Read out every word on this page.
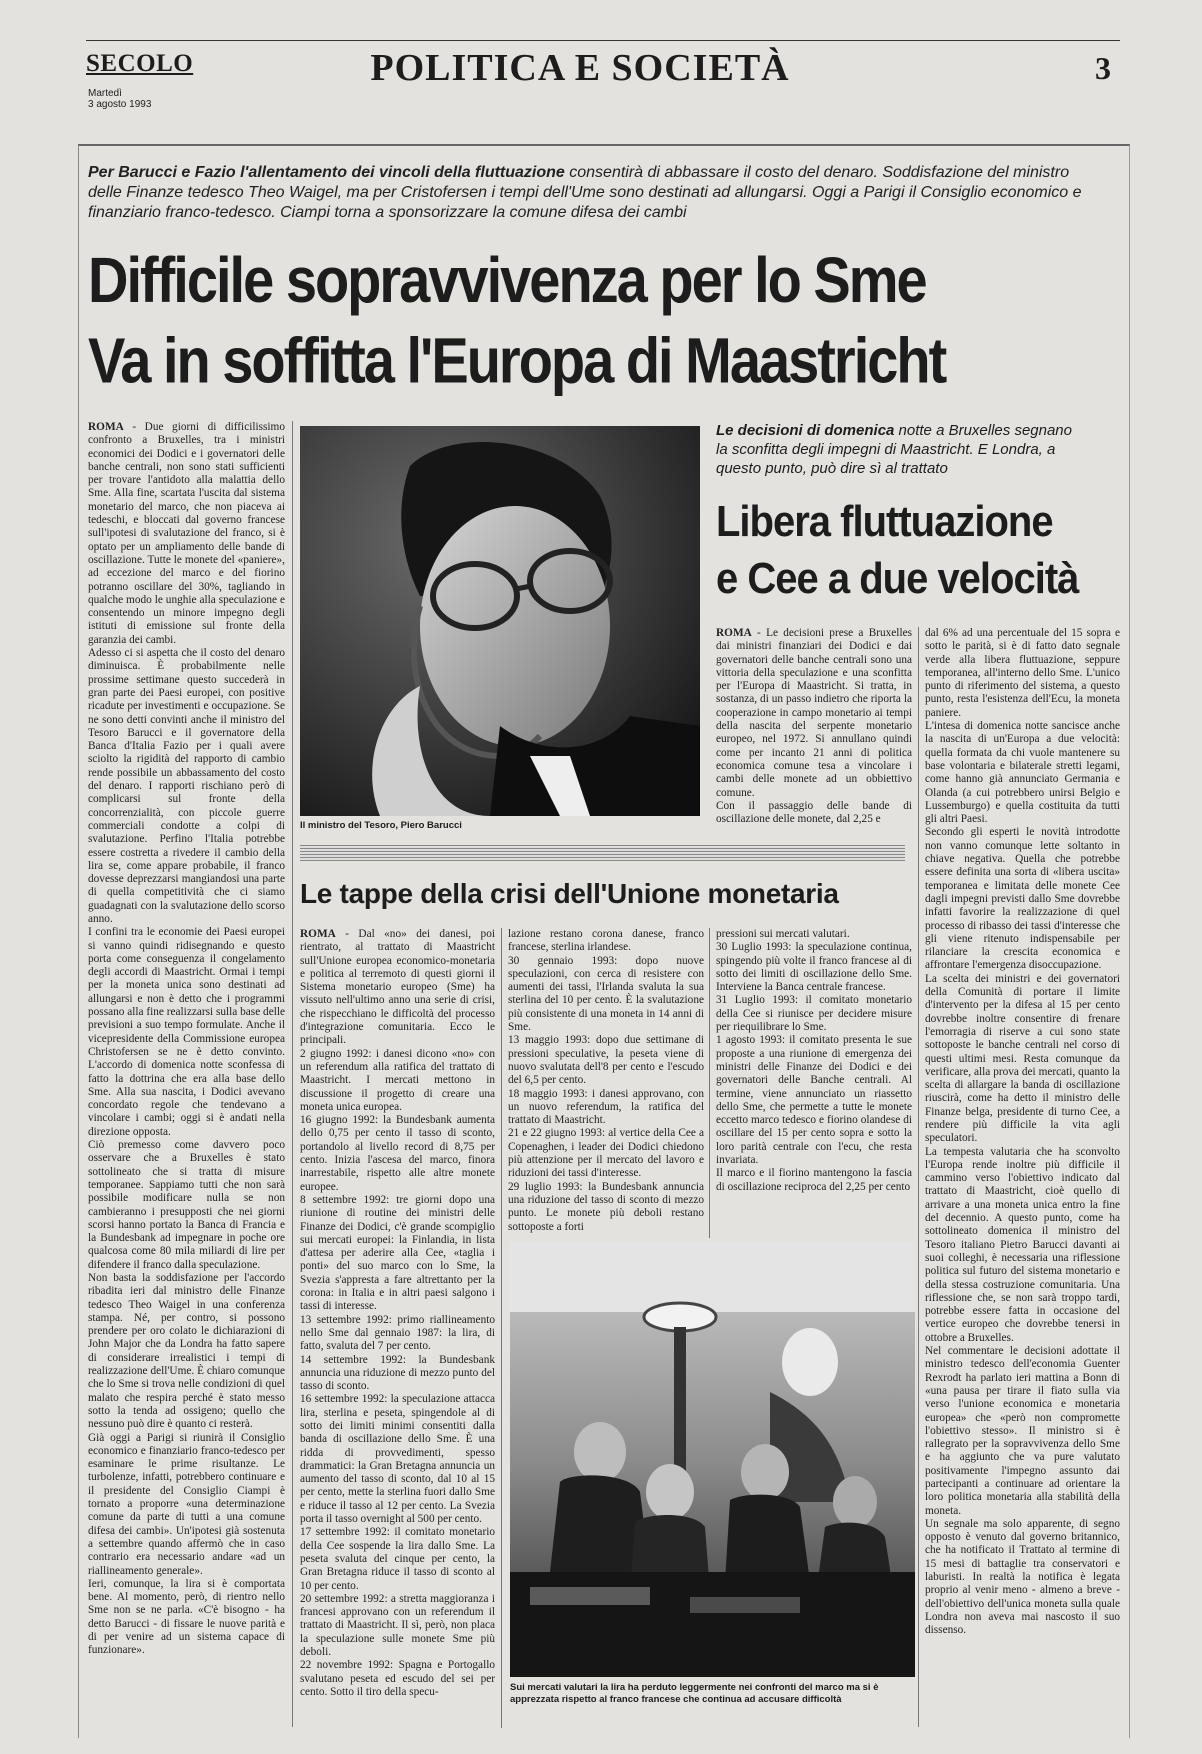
SECOLO
Martedì
3 agosto 1993
POLITICA E SOCIETÀ	3
Per Barucci e Fazio l'allentamento dei vincoli della fluttuazione consentirà di abbassare il costo del denaro. Soddisfazione del ministro delle Finanze tedesco Theo Waigel, ma per Cristofersen i tempi dell'Ume sono destinati ad allungarsi. Oggi a Parigi il Consiglio economico e finanziario franco-tedesco. Ciampi torna a sponsorizzare la comune difesa dei cambi
Difficile sopravvivenza per lo Sme
Va in soffitta l'Europa di Maastricht
ROMA - Due giorni di difficilissimo confronto a Bruxelles, tra i ministri economici dei Dodici e i governatori delle banche centrali, non sono stati sufficienti per trovare l'antidoto alla malattia dello Sme. Alla fine, scartata l'uscita dal sistema monetario del marco, che non piaceva ai tedeschi, e bloccati dal governo francese sull'ipotesi di svalutazione del franco, si è optato per un ampliamento delle bande di oscillazione. Tutte le monete del «paniere», ad eccezione del marco e del fiorino potranno oscillare del 30%, tagliando in qualche modo le unghie alla speculazione e consentendo un minore impegno degli istituti di emissione sul fronte della garanzia dei cambi.
Adesso ci si aspetta che il costo del denaro diminuisca. È probabilmente nelle prossime settimane questo succederà in gran parte dei Paesi europei, con positive ricadute per investimenti e occupazione. Se ne sono detti convinti anche il ministro del Tesoro Barucci e il governatore della Banca d'Italia Fazio per i quali avere sciolto la rigidità del rapporto di cambio rende possibile un abbassamento del costo del denaro. I rapporti rischiano però di complicarsi sul fronte della concorrenzialità, con piccole guerre commerciali condotte a colpi di svalutazione. Perfino l'Italia potrebbe essere costretta a rivedere il cambio della lira se, come appare probabile, il franco dovesse deprezzarsi mangiandosi una parte di quella competitività che ci siamo guadagnati con la svalutazione dello scorso anno.
I confini tra le economie dei Paesi europei si vanno quindi ridisegnando e questo porta come conseguenza il congelamento degli accordi di Maastricht. Ormai i tempi per la moneta unica sono destinati ad allungarsi e non è detto che i programmi possano alla fine realizzarsi sulla base delle previsioni a suo tempo formulate. Anche il vicepresidente della Commissione europea Christofersen se ne è detto convinto. L'accordo di domenica notte sconfessa di fatto la dottrina che era alla base dello Sme. Alla sua nascita, i Dodici avevano concordato regole che tendevano a vincolare i cambi; oggi si è andati nella direzione opposta.
Ciò premesso come davvero poco osservare che a Bruxelles è stato sottolineato che si tratta di misure temporanee. Sappiamo tutti che non sarà possibile modificare nulla se non cambieranno i presupposti che nei giorni scorsi hanno portato la Banca di Francia e la Bundesbank ad impegnare in poche ore qualcosa come 80 mila miliardi di lire per difendere il franco dalla speculazione.
Non basta la soddisfazione per l'accordo ribadita ieri dal ministro delle Finanze tedesco Theo Waigel in una conferenza stampa. Né, per contro, si possono prendere per oro colato le dichiarazioni di John Major che da Londra ha fatto sapere di considerare irrealistici i tempi di realizzazione dell'Ume. È chiaro comunque che lo Sme si trova nelle condizioni di quel malato che respira perché è stato messo sotto la tenda ad ossigeno; quello che nessuno può dire è quanto ci resterà.
Già oggi a Parigi si riunirà il Consiglio economico e finanziario franco-tedesco per esaminare le prime risultanze. Le turbolenze, infatti, potrebbero continuare e il presidente del Consiglio Ciampi è tornato a proporre «una determinazione comune da parte di tutti a una comune difesa dei cambi». Un'ipotesi già sostenuta a settembre quando affermò che in caso contrario era necessario andare «ad un riallineamento generale».
Ieri, comunque, la lira si è comportata bene. Al momento, però, di rientro nello Sme non se ne parla. «C'è bisogno - ha detto Barucci - di fissare le nuove parità e di per venire ad un sistema capace di funzionare».
Il ministro del Tesoro, Piero Barucci
Le decisioni di domenica notte a Bruxelles segnano la sconfitta degli impegni di Maastricht. E Londra, a questo punto, può dire sì al trattato
Libera fluttuazione
e Cee a due velocità
ROMA - Le decisioni prese a Bruxelles dai ministri finanziari dei Dodici e dai governatori delle banche centrali sono una vittoria della speculazione e una sconfitta per l'Europa di Maastricht. Si tratta, in sostanza, di un passo indietro che riporta la cooperazione in campo monetario ai tempi della nascita del serpente monetario europeo, nel 1972. Si annullano quindi come per incanto 21 anni di politica economica comune tesa a vincolare i cambi delle monete ad un obbiettivo comune.
Con il passaggio delle bande di oscillazione delle monete, dal 2,25 e
dal 6% ad una percentuale del 15 sopra e sotto le parità, si è di fatto dato segnale verde alla libera fluttuazione, seppure temporanea, all'interno dello Sme. L'unico punto di riferimento del sistema, a questo punto, resta l'esistenza dell'Ecu, la moneta paniere.
L'intesa di domenica notte sancisce anche la nascita di un'Europa a due velocità: quella formata da chi vuole mantenere su base volontaria e bilaterale stretti legami, come hanno già annunciato Germania e Olanda (a cui potrebbero unirsi Belgio e Lussemburgo) e quella costituita da tutti gli altri Paesi.
Secondo gli esperti le novità introdotte non vanno comunque lette soltanto in chiave negativa. Quella che potrebbe essere definita una sorta di «libera uscita» temporanea e limitata delle monete Cee dagli impegni previsti dallo Sme dovrebbe infatti favorire la realizzazione di quel processo di ribasso dei tassi d'interesse che gli viene ritenuto indispensabile per rilanciare la crescita economica e affrontare l'emergenza disoccupazione.
La scelta dei ministri e dei governatori della Comunità di portare il limite d'intervento per la difesa al 15 per cento dovrebbe inoltre consentire di frenare l'emorragia di riserve a cui sono state sottoposte le banche centrali nel corso di questi ultimi mesi. Resta comunque da verificare, alla prova dei mercati, quanto la scelta di allargare la banda di oscillazione riuscirà, come ha detto il ministro delle Finanze belga, presidente di turno Cee, a rendere più difficile la vita agli speculatori.
La tempesta valutaria che ha sconvolto l'Europa rende inoltre più difficile il cammino verso l'obiettivo indicato dal trattato di Maastricht, cioè quello di arrivare a una moneta unica entro la fine del decennio. A questo punto, come ha sottolineato domenica il ministro del Tesoro italiano Pietro Barucci davanti ai suoi colleghi, è necessaria una riflessione politica sul futuro del sistema monetario e della stessa costruzione comunitaria. Una riflessione che, se non sarà troppo tardi, potrebbe essere fatta in occasione del vertice europeo che dovrebbe tenersi in ottobre a Bruxelles.
Nel commentare le decisioni adottate il ministro tedesco dell'economia Guenter Rexrodt ha parlato ieri mattina a Bonn di «una pausa per tirare il fiato sulla via verso l'unione economica e monetaria europea» che «però non compromette l'obiettivo stesso». Il ministro si è rallegrato per la sopravvivenza dello Sme e ha aggiunto che va pure valutato positivamente l'impegno assunto dai partecipanti a continuare ad orientare la loro politica monetaria alla stabilità della moneta.
Un segnale ma solo apparente, di segno opposto è venuto dal governo britannico, che ha notificato il Trattato al termine di 15 mesi di battaglie tra conservatori e laburisti. In realtà la notifica è legata proprio al venir meno - almeno a breve - dell'obiettivo dell'unica moneta sulla quale Londra non aveva mai nascosto il suo dissenso.
Le tappe della crisi dell'Unione monetaria
ROMA - Dal «no» dei danesi, poi rientrato, al trattato di Maastricht sull'Unione europea economico-monetaria e politica al terremoto di questi giorni il Sistema monetario europeo (Sme) ha vissuto nell'ultimo anno una serie di crisi, che rispecchiano le difficoltà del processo d'integrazione comunitaria. Ecco le principali.
2 giugno 1992: i danesi dicono «no» con un referendum alla ratifica del trattato di Maastricht. I mercati mettono in discussione il progetto di creare una moneta unica europea.
16 giugno 1992: la Bundesbank aumenta dello 0,75 per cento il tasso di sconto, portandolo al livello record di 8,75 per cento. Inizia l'ascesa del marco, finora inarrestabile, rispetto alle altre monete europee.
8 settembre 1992: tre giorni dopo una riunione di routine dei ministri delle Finanze dei Dodici, c'è grande scompiglio sui mercati europei: la Finlandia, in lista d'attesa per aderire alla Cee, «taglia i ponti» del suo marco con lo Sme, la Svezia s'appresta a fare altrettanto per la corona: in Italia e in altri paesi salgono i tassi di interesse.
13 settembre 1992: primo riallineamento nello Sme dal gennaio 1987: la lira, di fatto, svaluta del 7 per cento.
14 settembre 1992: la Bundesbank annuncia una riduzione di mezzo punto del tasso di sconto.
16 settembre 1992: la speculazione attacca lira, sterlina e peseta, spingendole al di sotto dei limiti minimi consentiti dalla banda di oscillazione dello Sme. È una ridda di provvedimenti, spesso drammatici: la Gran Bretagna annuncia un aumento del tasso di sconto, dal 10 al 15 per cento, mette la sterlina fuori dallo Sme e riduce il tasso al 12 per cento. La Svezia porta il tasso overnight al 500 per cento.
17 settembre 1992: il comitato monetario della Cee sospende la lira dallo Sme. La peseta svaluta del cinque per cento, la Gran Bretagna riduce il tasso di sconto al 10 per cento.
20 settembre 1992: a stretta maggioranza i francesi approvano con un referendum il trattato di Maastricht. Il sì, però, non placa la speculazione sulle monete Sme più deboli.
22 novembre 1992: Spagna e Portogallo svalutano peseta ed escudo del sei per cento. Sotto il tiro della specu-
lazione restano corona danese, franco francese, sterlina irlandese.
30 gennaio 1993: dopo nuove speculazioni, con cerca di resistere con aumenti dei tassi, l'Irlanda svaluta la sua sterlina del 10 per cento. È la svalutazione più consistente di una moneta in 14 anni di Sme.
13 maggio 1993: dopo due settimane di pressioni speculative, la peseta viene di nuovo svalutata dell'8 per cento e l'escudo del 6,5 per cento.
18 maggio 1993: i danesi approvano, con un nuovo referendum, la ratifica del trattato di Maastricht.
21 e 22 giugno 1993: al vertice della Cee a Copenaghen, i leader dei Dodici chiedono più attenzione per il mercato del lavoro e riduzioni dei tassi d'interesse.
29 luglio 1993: la Bundesbank annuncia una riduzione del tasso di sconto di mezzo punto. Le monete più deboli restano sottoposte a forti
pressioni sui mercati valutari.
30 Luglio 1993: la speculazione continua, spingendo più volte il franco francese al di sotto dei limiti di oscillazione dello Sme. Interviene la Banca centrale francese.
31 Luglio 1993: il comitato monetario della Cee si riunisce per decidere misure per riequilibrare lo Sme.
1 agosto 1993: il comitato presenta le sue proposte a una riunione di emergenza dei ministri delle Finanze dei Dodici e dei governatori delle Banche centrali. Al termine, viene annunciato un riassetto dello Sme, che permette a tutte le monete eccetto marco tedesco e fiorino olandese di oscillare del 15 per cento sopra e sotto la loro parità centrale con l'ecu, che resta invariata.
Il marco e il fiorino mantengono la fascia di oscillazione reciproca del 2,25 per cento
Sui mercati valutari la lira ha perduto leggermente nei confronti del marco ma si è apprezzata rispetto al franco francese che continua ad accusare difficoltà
